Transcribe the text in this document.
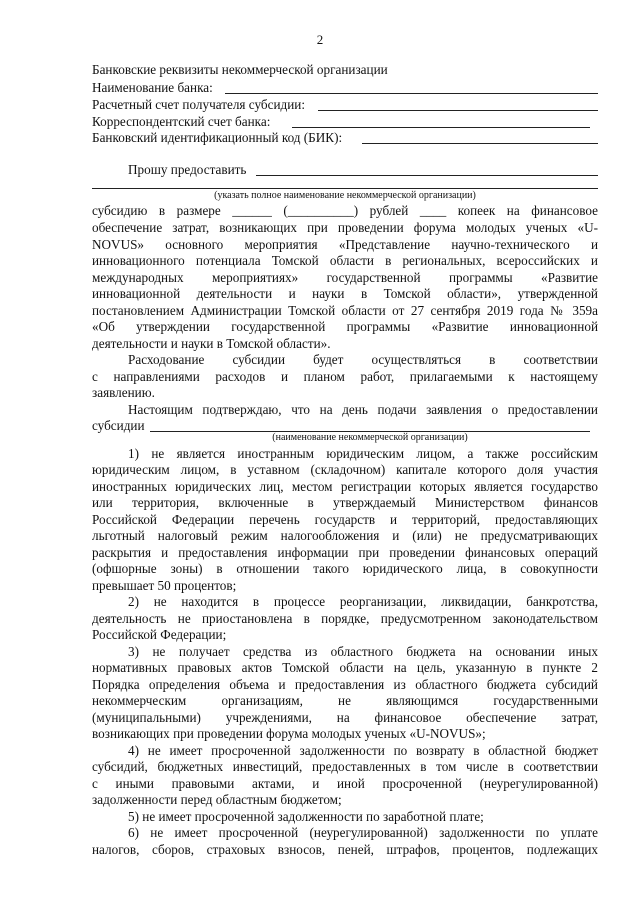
2
Банковские реквизиты некоммерческой организации
Наименование банка:
Расчетный счет получателя субсидии:
Корреспондентский счет банка:
Банковский идентификационный код (БИК):
Прошу предоставить
(указать полное наименование некоммерческой организации)
субсидию в размере ______ (__________) рублей ____ копеек на финансовое
обеспечение затрат, возникающих при проведении форума молодых ученых «U-
NOVUS» основного мероприятия «Представление научно-технического и
инновационного потенциала Томской области в региональных, всероссийских и
международных мероприятиях» государственной программы «Развитие
инновационной деятельности и науки в Томской области», утвержденной
постановлением Администрации Томской области от 27 сентября 2019 года № 359а
«Об утверждении государственной программы «Развитие инновационной
деятельности и науки в Томской области».
Расходование субсидии будет осуществляться в соответствии
с направлениями расходов и планом работ, прилагаемыми к настоящему
заявлению.
Настоящим подтверждаю, что на день подачи заявления о предоставлении
субсидии
(наименование некоммерческой организации)
1) не является иностранным юридическим лицом, а также российским
юридическим лицом, в уставном (складочном) капитале которого доля участия
иностранных юридических лиц, местом регистрации которых является государство
или территория, включенные в утверждаемый Министерством финансов
Российской Федерации перечень государств и территорий, предоставляющих
льготный налоговый режим налогообложения и (или) не предусматривающих
раскрытия и предоставления информации при проведении финансовых операций
(офшорные зоны) в отношении такого юридического лица, в совокупности
превышает 50 процентов;
2) не находится в процессе реорганизации, ликвидации, банкротства,
деятельность не приостановлена в порядке, предусмотренном законодательством
Российской Федерации;
3) не получает средства из областного бюджета на основании иных
нормативных правовых актов Томской области на цель, указанную в пункте 2
Порядка определения объема и предоставления из областного бюджета субсидий
некоммерческим организациям, не являющимся государственными
(муниципальными) учреждениями, на финансовое обеспечение затрат,
возникающих при проведении форума молодых ученых «U-NOVUS»;
4) не имеет просроченной задолженности по возврату в областной бюджет
субсидий, бюджетных инвестиций, предоставленных в том числе в соответствии
с иными правовыми актами, и иной просроченной (неурегулированной)
задолженности перед областным бюджетом;
5) не имеет просроченной задолженности по заработной плате;
6) не имеет просроченной (неурегулированной) задолженности по уплате
налогов, сборов, страховых взносов, пеней, штрафов, процентов, подлежащих
